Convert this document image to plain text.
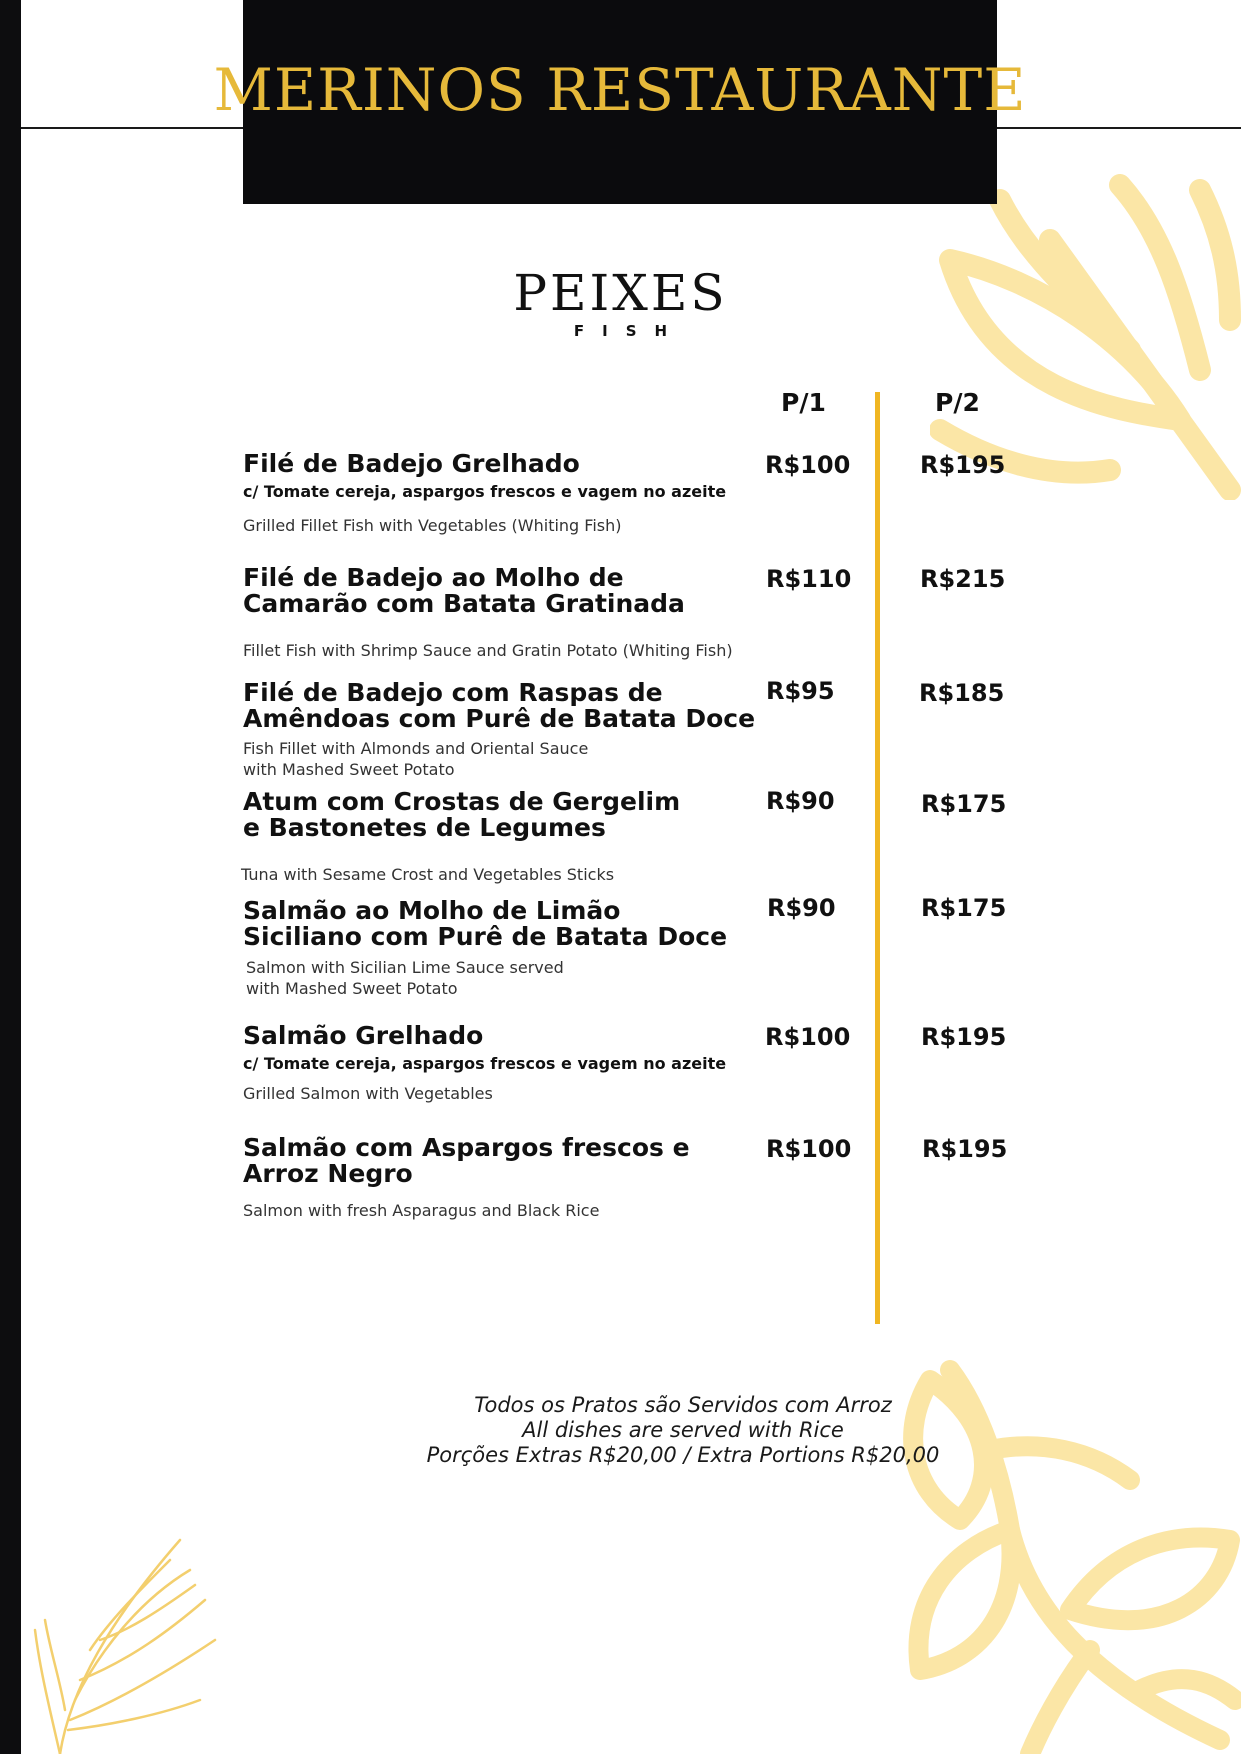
MERINOS RESTAURANTE
PEIXES
FISH
P/1	P/2
Filé de Badejo Grelhado
c/ Tomate cereja, aspargos frescos e vagem no azeite
Grilled Fillet Fish with Vegetables (Whiting Fish)
R$100	R$195
Filé de Badejo ao Molho de
Camarão com Batata Gratinada
Fillet Fish with Shrimp Sauce and Gratin Potato (Whiting Fish)
R$110	R$215
Filé de Badejo com Raspas de
Amêndoas com Purê de Batata Doce
Fish Fillet with Almonds and Oriental Sauce
with Mashed Sweet Potato
R$95	R$185
Atum com Crostas de Gergelim
e Bastonetes de Legumes
Tuna with Sesame Crost and Vegetables Sticks
R$90	R$175
Salmão ao Molho de Limão
Siciliano com Purê de Batata Doce
Salmon with Sicilian Lime Sauce served
with Mashed Sweet Potato
R$90	R$175
Salmão Grelhado
c/ Tomate cereja, aspargos frescos e vagem no azeite
Grilled Salmon with Vegetables
R$100	R$195
Salmão com Aspargos frescos e
Arroz Negro
Salmon with fresh Asparagus and Black Rice
R$100	R$195
Todos os Pratos são Servidos com Arroz
All dishes are served with Rice
Porções Extras R$20,00 / Extra Portions R$20,00
